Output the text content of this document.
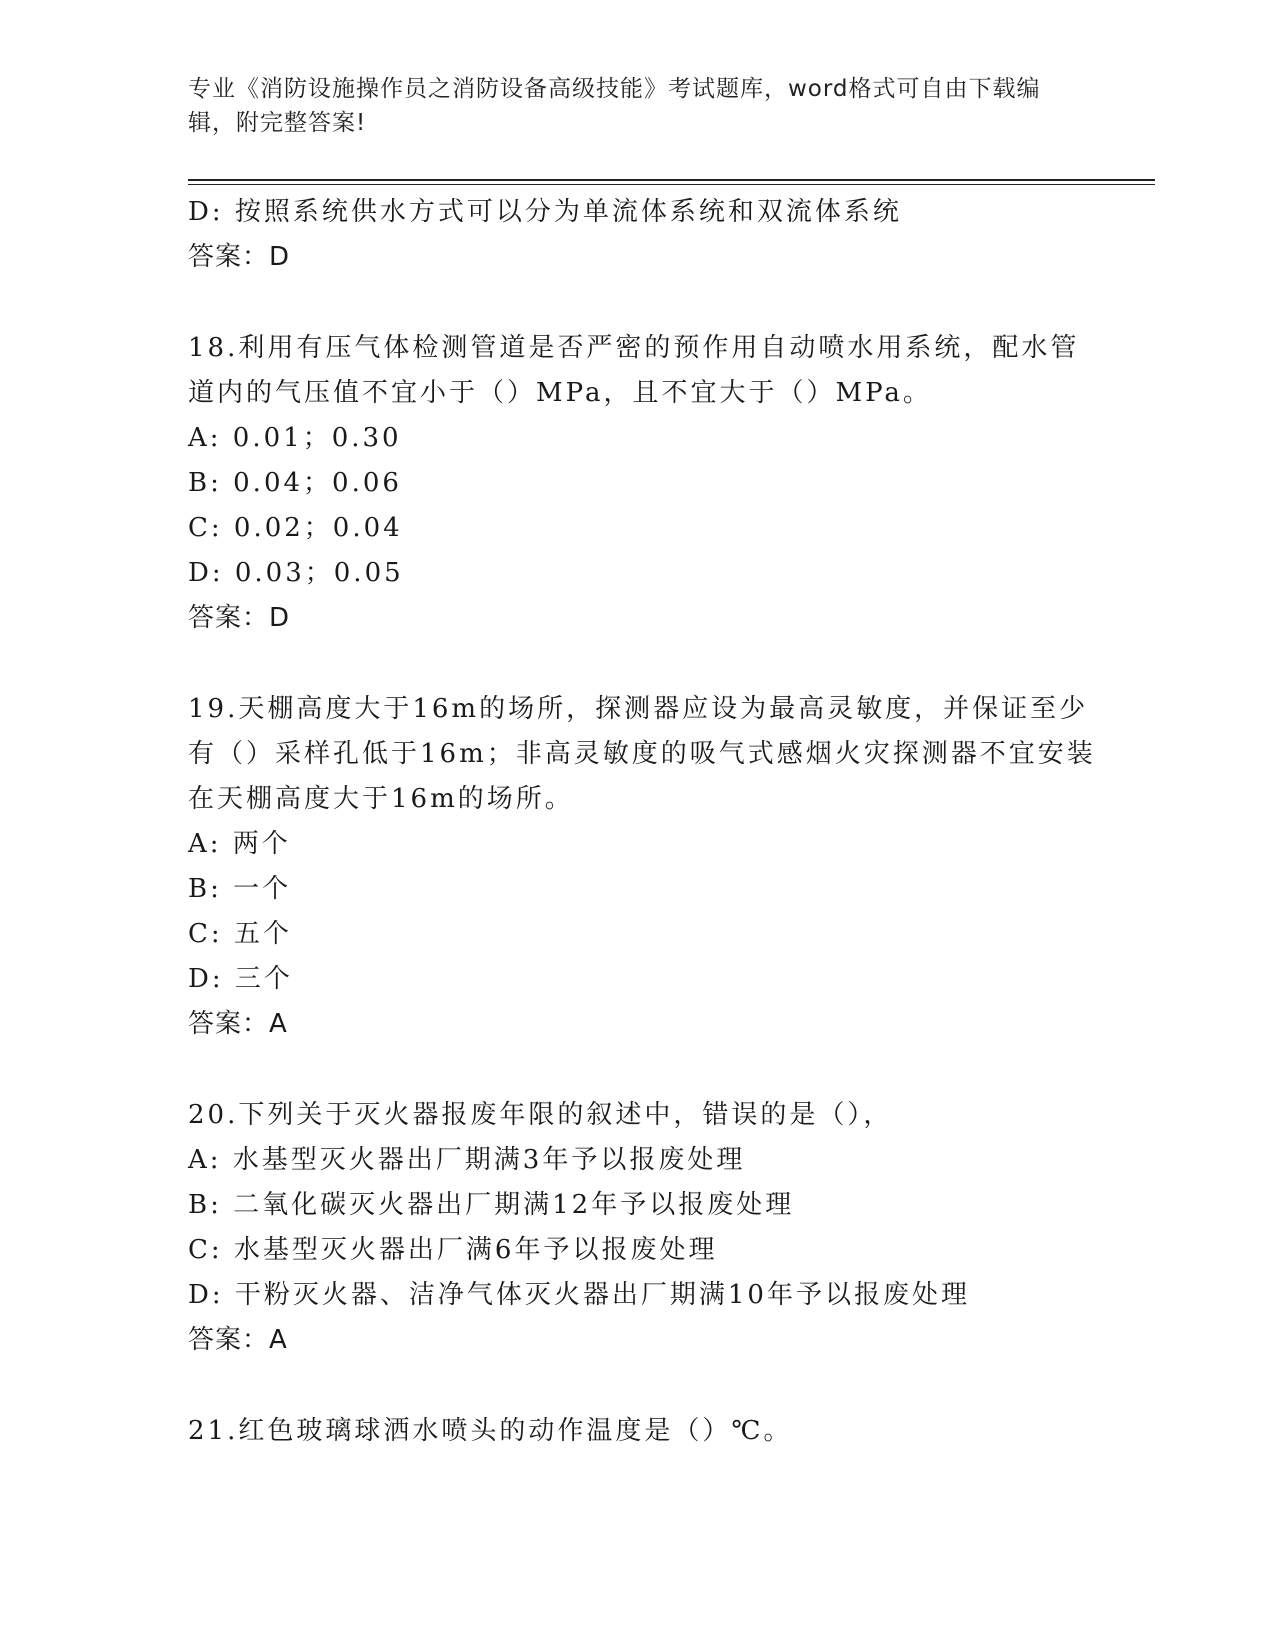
专业《消防设施操作员之消防设备高级技能》考试题库，word格式可自由下载编
辑，附完整答案!
D: 按照系统供水方式可以分为单流体系统和双流体系统
答案：D
18.利用有压气体检测管道是否严密的预作用自动喷水用系统，配水管
道内的气压值不宜小于（）MPa，且不宜大于（）MPa。
A: 0.01；0.30
B: 0.04；0.06
C: 0.02；0.04
D: 0.03；0.05
答案：D
19.天棚高度大于16m的场所，探测器应设为最高灵敏度，并保证至少
有（）采样孔低于16m；非高灵敏度的吸气式感烟火灾探测器不宜安装
在天棚高度大于16m的场所。
A: 两个
B: 一个
C: 五个
D: 三个
答案：A
20.下列关于灭火器报废年限的叙述中，错误的是（），
A: 水基型灭火器出厂期满3年予以报废处理
B: 二氧化碳灭火器出厂期满12年予以报废处理
C: 水基型灭火器出厂满6年予以报废处理
D: 干粉灭火器、洁净气体灭火器出厂期满10年予以报废处理
答案：A
21.红色玻璃球洒水喷头的动作温度是（）℃。
